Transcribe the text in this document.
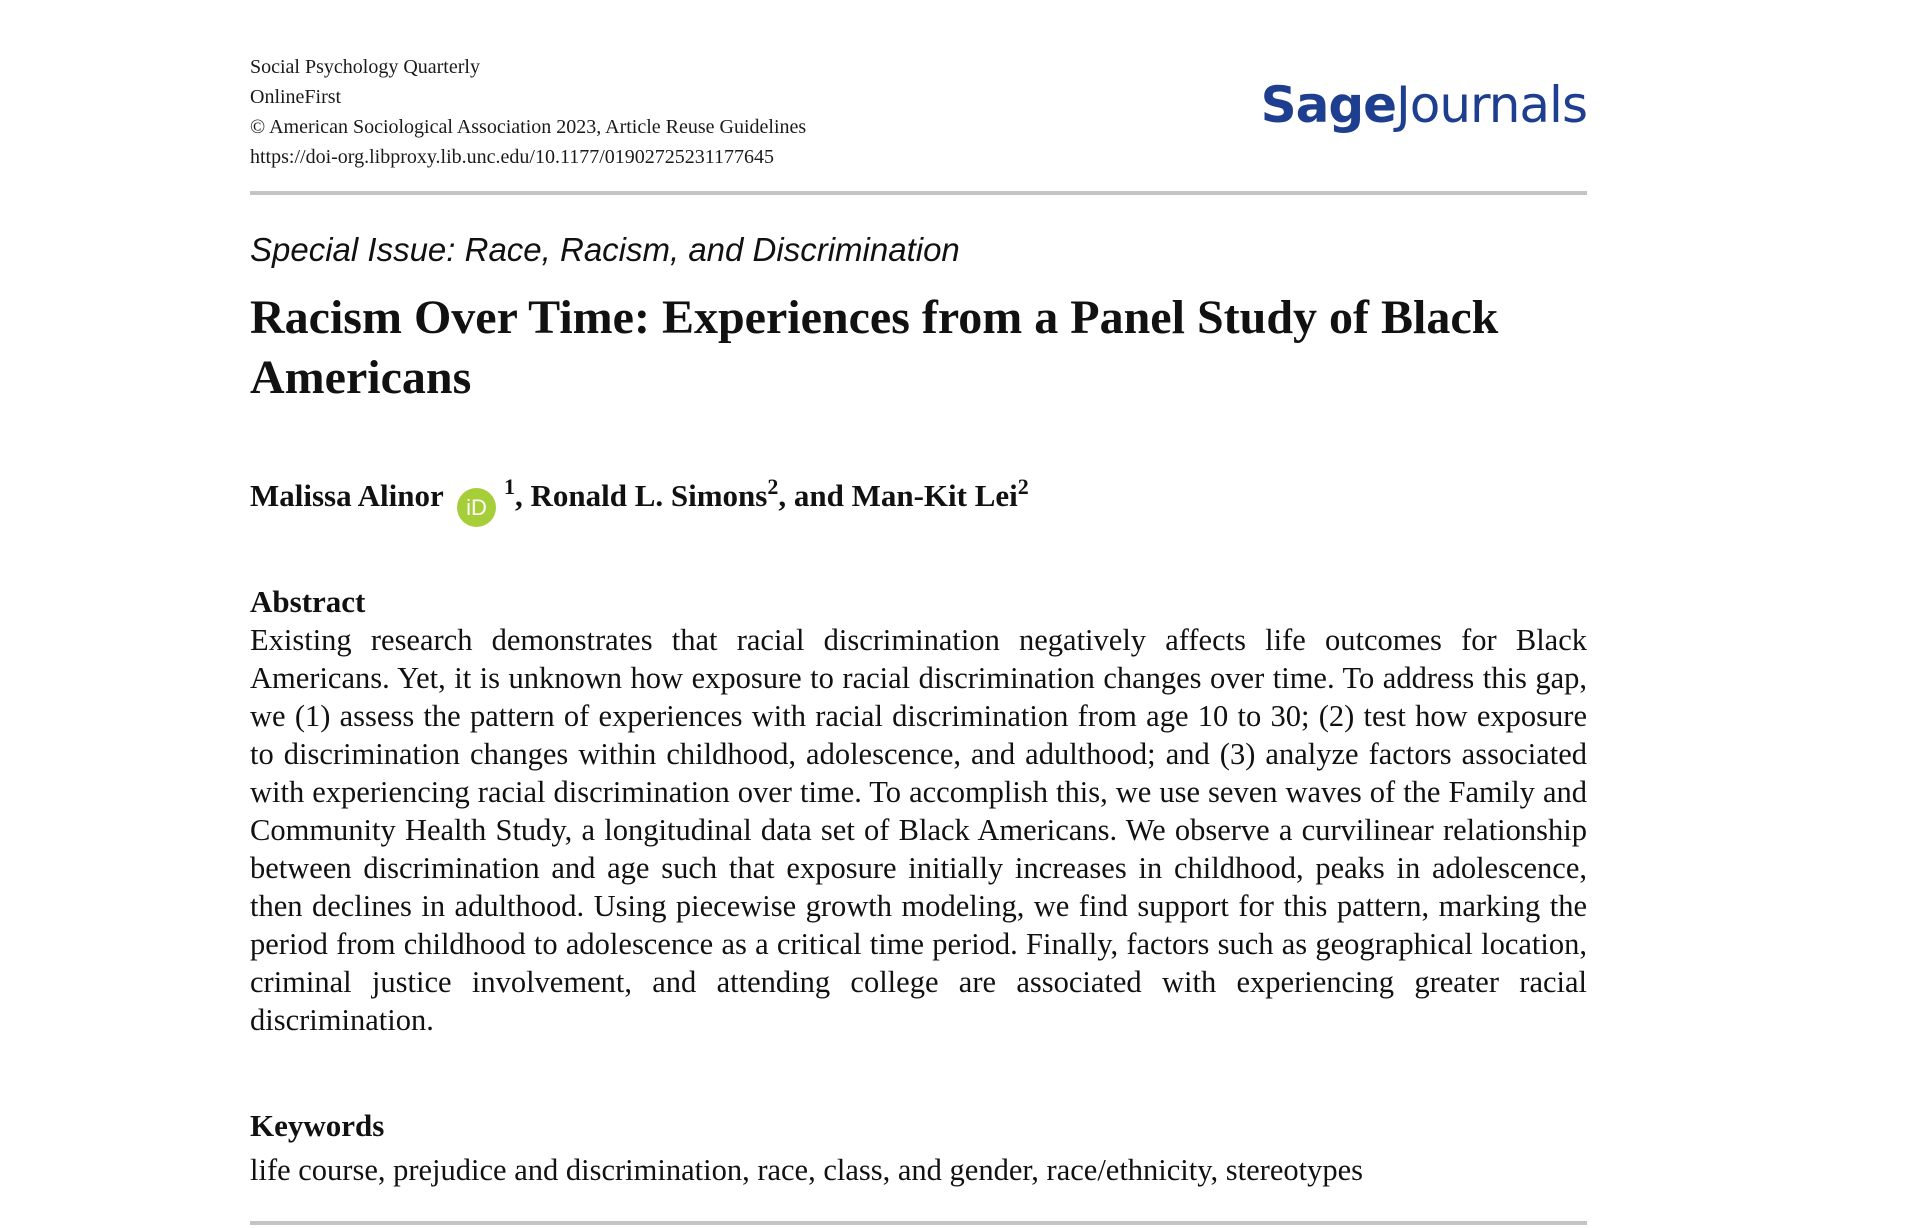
Social Psychology Quarterly
OnlineFirst
© American Sociological Association 2023, Article Reuse Guidelines
https://doi-org.libproxy.lib.unc.edu/10.1177/01902725231177645
SageJournals
Special Issue: Race, Racism, and Discrimination
Racism Over Time: Experiences from a Panel Study of Black Americans
Malissa Alinor $iD^1$, Ronald L. Simons$^2$, and Man-Kit Lei$^2$
Abstract

Existing research demonstrates that racial discrimination negatively affects life outcomes for Black Americans. Yet, it is unknown how exposure to racial discrimination changes over time. To address this gap, we (1) assess the pattern of experiences with racial discrimination from age 10 to 30; (2) test how exposure to discrimination changes within childhood, adolescence, and adulthood; and (3) analyze factors associated with experiencing racial discrimination over time. To accomplish this, we use seven waves of the Family and Community Health Study, a longitudinal data set of Black Americans. We observe a curvilinear relationship between discrimination and age such that exposure initially increases in childhood, peaks in adolescence, then declines in adulthood. Using piecewise growth modeling, we find support for this pattern, marking the period from childhood to adolescence as a critical time period. Finally, factors such as geographical location, criminal justice involvement, and attending college are associated with experiencing greater racial discrimination.

Keywords
life course, prejudice and discrimination, race, class, and gender, race/ethnicity, stereotypes
